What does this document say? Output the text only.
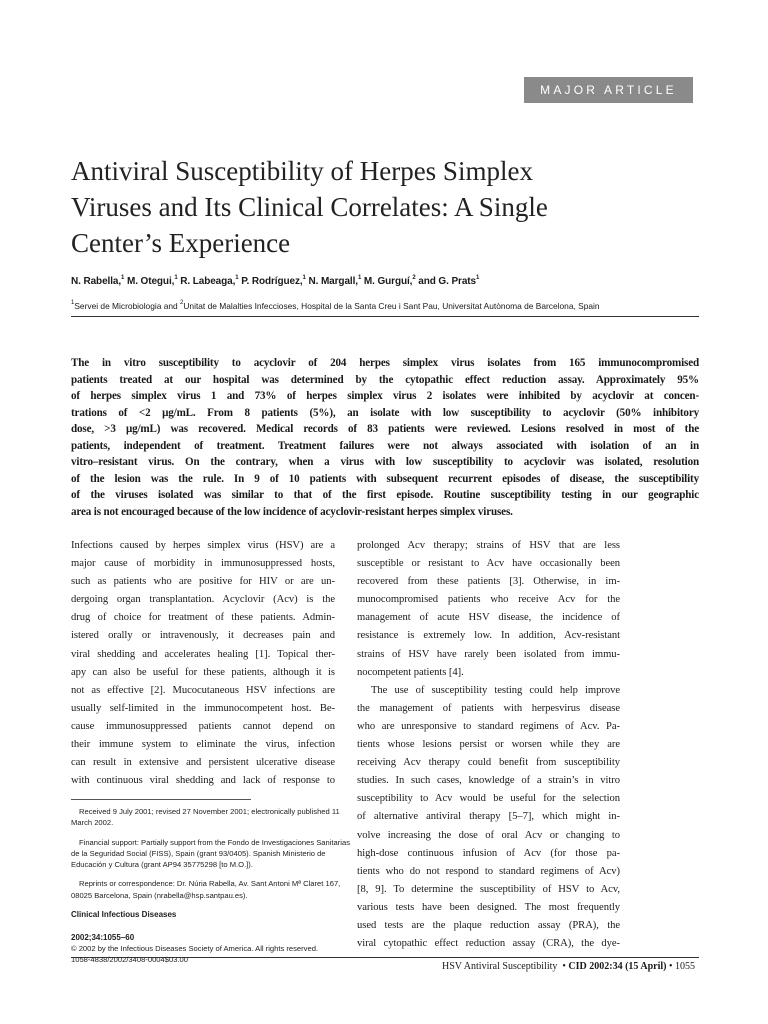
MAJOR ARTICLE
Antiviral Susceptibility of Herpes Simplex
Viruses and Its Clinical Correlates: A Single
Center’s Experience
N. Rabella,$^1$ M. Otegui,$^1$ R. Labeaga,$^1$ P. Rodríguez,$^1$ N. Margall,$^1$ M. Gurguí,$^2$ and G. Prats$^1$
$^1$Servei de Microbiologia and $^2$Unitat de Malalties Infeccioses, Hospital de la Santa Creu i Sant Pau, Universitat Autònoma de Barcelona, Spain
The in vitro susceptibility to acyclovir of 204 herpes simplex virus isolates from 165 immunocompromised
patients treated at our hospital was determined by the cytopathic effect reduction assay. Approximately 95%
of herpes simplex virus 1 and 73% of herpes simplex virus 2 isolates were inhibited by acyclovir at concen-
trations of <2 μg/mL. From 8 patients (5%), an isolate with low susceptibility to acyclovir (50% inhibitory
dose, >3 μg/mL) was recovered. Medical records of 83 patients were reviewed. Lesions resolved in most of the
patients, independent of treatment. Treatment failures were not always associated with isolation of an in
vitro–resistant virus. On the contrary, when a virus with low susceptibility to acyclovir was isolated, resolution
of the lesion was the rule. In 9 of 10 patients with subsequent recurrent episodes of disease, the susceptibility
of the viruses isolated was similar to that of the first episode. Routine susceptibility testing in our geographic
area is not encouraged because of the low incidence of acyclovir-resistant herpes simplex viruses.
Infections caused by herpes simplex virus (HSV) are a
major cause of morbidity in immunosuppressed hosts,
such as patients who are positive for HIV or are un-
dergoing organ transplantation. Acyclovir (Acv) is the
drug of choice for treatment of these patients. Admin-
istered orally or intravenously, it decreases pain and
viral shedding and accelerates healing [1]. Topical ther-
apy can also be useful for these patients, although it is
not as effective [2]. Mucocutaneous HSV infections are
usually self-limited in the immunocompetent host. Be-
cause immunosuppressed patients cannot depend on
their immune system to eliminate the virus, infection
can result in extensive and persistent ulcerative disease
with continuous viral shedding and lack of response to
prolonged Acv therapy; strains of HSV that are less
susceptible or resistant to Acv have occasionally been
recovered from these patients [3]. Otherwise, in im-
munocompromised patients who receive Acv for the
management of acute HSV disease, the incidence of
resistance is extremely low. In addition, Acv-resistant
strains of HSV have rarely been isolated from immu-
nocompetent patients [4].
The use of susceptibility testing could help improve
the management of patients with herpesvirus disease
who are unresponsive to standard regimens of Acv. Pa-
tients whose lesions persist or worsen while they are
receiving Acv therapy could benefit from susceptibility
studies. In such cases, knowledge of a strain’s in vitro
susceptibility to Acv would be useful for the selection
of alternative antiviral therapy [5–7], which might in-
volve increasing the dose of oral Acv or changing to
high-dose continuous infusion of Acv (for those pa-
tients who do not respond to standard regimens of Acv)
[8, 9]. To determine the susceptibility of HSV to Acv,
various tests have been designed. The most frequently
used tests are the plaque reduction assay (PRA), the
viral cytopathic effect reduction assay (CRA), the dye-

Received 9 July 2001; revised 27 November 2001; electronically published 11
March 2002.

Financial support: Partially support from the Fondo de Investigaciones Sanitarias
de la Seguridad Social (FISS), Spain (grant 93/0405). Spanish Ministerio de
Educación y Cultura (grant AP94 35775298 [to M.O.]).

Reprints or correspondence: Dr. Núria Rabella, Av. Sant Antoni Mª Claret 167,
08025 Barcelona, Spain (nrabella@hsp.santpau.es).

Clinical Infectious Diseases

2002;34:1055–60
© 2002 by the Infectious Diseases Society of America. All rights reserved.
1058-4838/2002/3408-0004$03.00

HSV Antiviral Susceptibility • CID 2002:34 (15 April) • 1055
